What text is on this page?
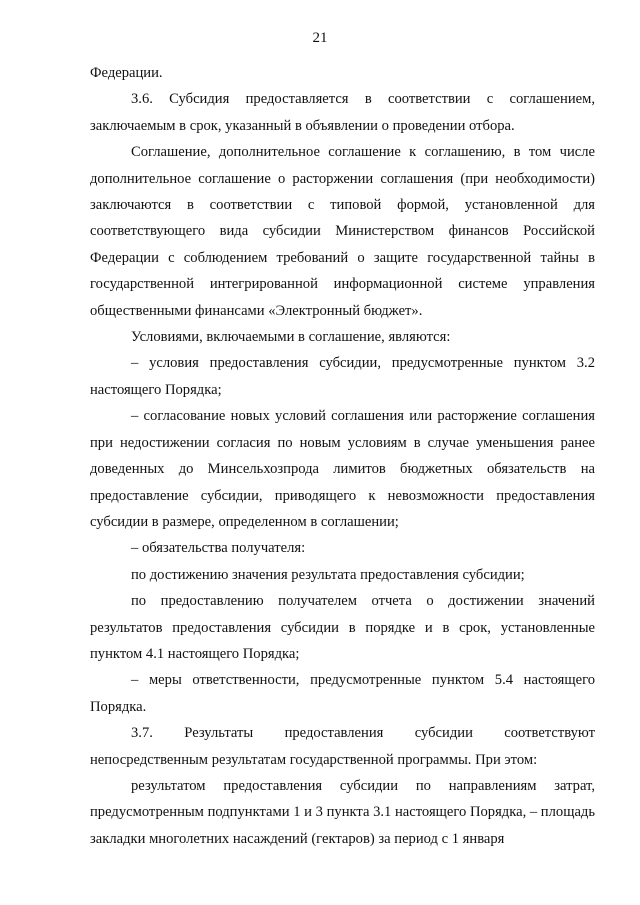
21

Федерации.

3.6. Субсидия предоставляется в соответствии с соглашением, заключаемым в срок, указанный в объявлении о проведении отбора.

Соглашение, дополнительное соглашение к соглашению, в том числе дополнительное соглашение о расторжении соглашения (при необходимости) заключаются в соответствии с типовой формой, установленной для соответствующего вида субсидии Министерством финансов Российской Федерации с соблюдением требований о защите государственной тайны в государственной интегрированной информационной системе управления общественными финансами «Электронный бюджет».

Условиями, включаемыми в соглашение, являются:

– условия предоставления субсидии, предусмотренные пунктом 3.2 настоящего Порядка;

– согласование новых условий соглашения или расторжение соглашения при недостижении согласия по новым условиям в случае уменьшения ранее доведенных до Минсельхозпрода лимитов бюджетных обязательств на предоставление субсидии, приводящего к невозможности предоставления субсидии в размере, определенном в соглашении;

– обязательства получателя:

по достижению значения результата предоставления субсидии;

по предоставлению получателем отчета о достижении значений результатов предоставления субсидии в порядке и в срок, установленные пунктом 4.1 настоящего Порядка;

– меры ответственности, предусмотренные пунктом 5.4 настоящего Порядка.

3.7. Результаты предоставления субсидии соответствуют непосредственным результатам государственной программы. При этом:

результатом предоставления субсидии по направлениям затрат, предусмотренным подпунктами 1 и 3 пункта 3.1 настоящего Порядка, – площадь закладки многолетних насаждений (гектаров) за период с 1 января
